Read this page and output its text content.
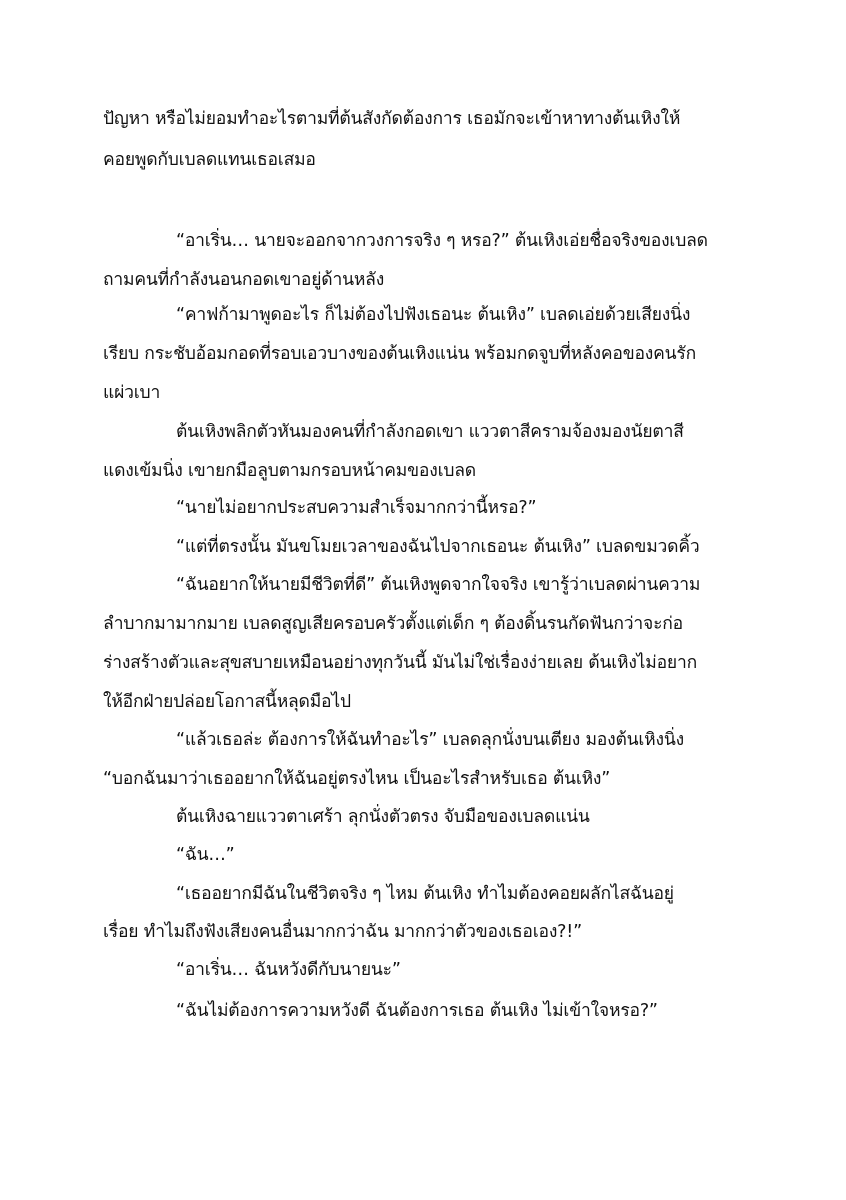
ปัญหา หรือไม่ยอมทำอะไรตามที่ต้นสังกัดต้องการ เธอมักจะเข้าหาทางต้นเหิงให้

คอยพูดกับเบลดแทนเธอเสมอ

“อาเริ่น… นายจะออกจากวงการจริง ๆ หรอ?” ต้นเหิงเอ่ยชื่อจริงของเบลด

ถามคนที่กำลังนอนกอดเขาอยู่ด้านหลัง

“คาฟก้ามาพูดอะไร ก็ไม่ต้องไปฟังเธอนะ ต้นเหิง” เบลดเอ่ยด้วยเสียงนิ่ง

เรียบ กระชับอ้อมกอดที่รอบเอวบางของต้นเหิงแน่น พร้อมกดจูบที่หลังคอของคนรัก

แผ่วเบา

ต้นเหิงพลิกตัวหันมองคนที่กำลังกอดเขา แววตาสีครามจ้องมองนัยตาสี

แดงเข้มนิ่ง เขายกมือลูบตามกรอบหน้าคมของเบลด

“นายไม่อยากประสบความสำเร็จมากกว่านี้หรอ?”

“แต่ที่ตรงนั้น มันขโมยเวลาของฉันไปจากเธอนะ ต้นเหิง” เบลดขมวดคิ้ว

“ฉันอยากให้นายมีชีวิตที่ดี” ต้นเหิงพูดจากใจจริง เขารู้ว่าเบลดผ่านความ

ลำบากมามากมาย เบลดสูญเสียครอบครัวตั้งแต่เด็ก ๆ ต้องดิ้นรนกัดฟันกว่าจะก่อ

ร่างสร้างตัวและสุขสบายเหมือนอย่างทุกวันนี้ มันไม่ใช่เรื่องง่ายเลย ต้นเหิงไม่อยาก

ให้อีกฝ่ายปล่อยโอกาสนี้หลุดมือไป

“แล้วเธอล่ะ ต้องการให้ฉันทำอะไร” เบลดลุกนั่งบนเตียง มองต้นเหิงนิ่ง

“บอกฉันมาว่าเธออยากให้ฉันอยู่ตรงไหน เป็นอะไรสำหรับเธอ ต้นเหิง”

ต้นเหิงฉายแววตาเศร้า ลุกนั่งตัวตรง จับมือของเบลดแน่น

“ฉัน…”

“เธออยากมีฉันในชีวิตจริง ๆ ไหม ต้นเหิง ทำไมต้องคอยผลักไสฉันอยู่

เรื่อย ทำไมถึงฟังเสียงคนอื่นมากกว่าฉัน มากกว่าตัวของเธอเอง?!”

“อาเริ่น… ฉันหวังดีกับนายนะ”

“ฉันไม่ต้องการความหวังดี ฉันต้องการเธอ ต้นเหิง ไม่เข้าใจหรอ?”
